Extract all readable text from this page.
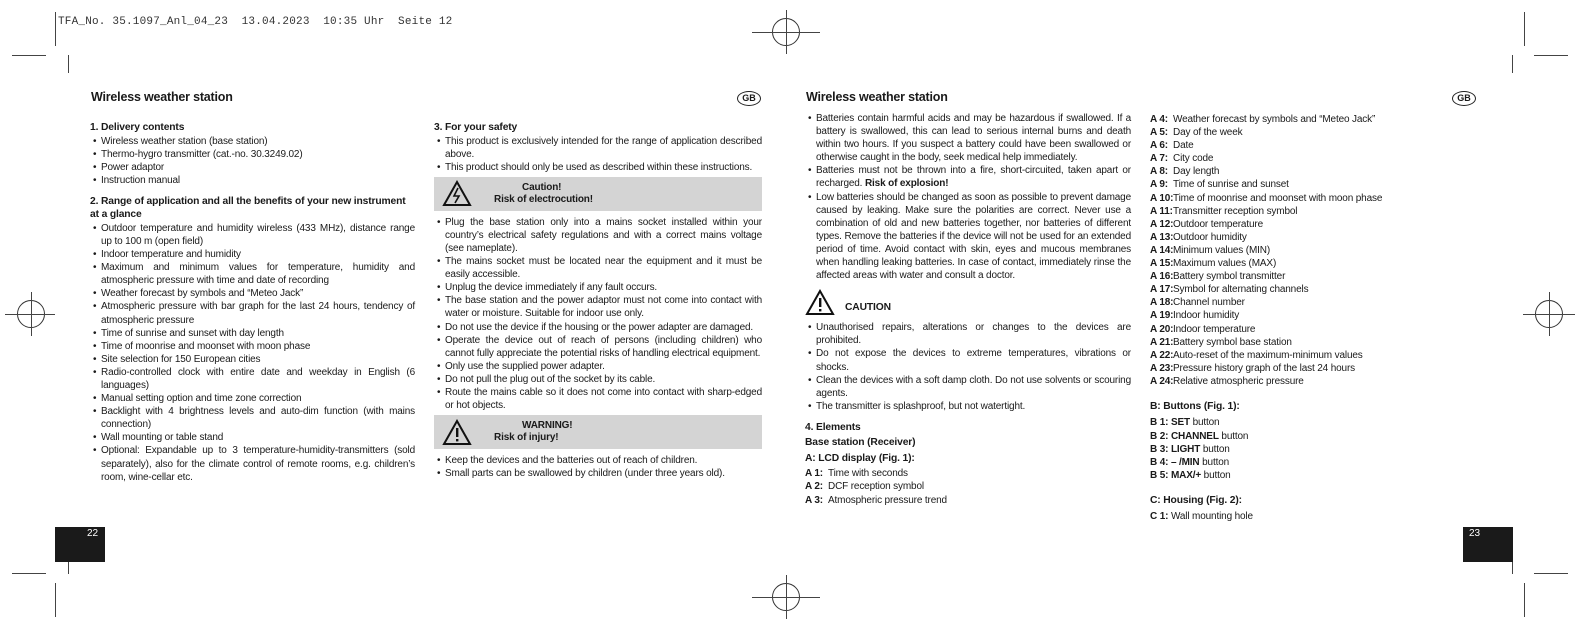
TFA_No. 35.1097_Anl_04_23  13.04.2023  10:35 Uhr  Seite 12
Wireless weather station	GB
1. Delivery contents
• Wireless weather station (base station)
• Thermo-hygro transmitter (cat.-no. 30.3249.02)
• Power adaptor
• Instruction manual
2. Range of application and all the benefits of your new instrument at a glance
• Outdoor temperature and humidity wireless (433 MHz), distance range up to 100 m (open field)
• Indoor temperature and humidity
• Maximum and minimum values for temperature, humidity and atmospheric pressure with time and date of recording
• Weather forecast by symbols and “Meteo Jack”
• Atmospheric pressure with bar graph for the last 24 hours, tendency of atmospheric pressure
• Time of sunrise and sunset with day length
• Time of moonrise and moonset with moon phase
• Site selection for 150 European cities
• Radio-controlled clock with entire date and weekday in English (6 languages)
• Manual setting option and time zone correction
• Backlight with 4 brightness levels and auto-dim function (with mains connection)
• Wall mounting or table stand
• Optional: Expandable up to 3 temperature-humidity-transmitters (sold separately), also for the climate control of remote rooms, e.g. children’s room, wine-cellar etc.
3. For your safety
• This product is exclusively intended for the range of application described above.
• This product should only be used as described within these instructions.
Caution!
Risk of electrocution!
• Plug the base station only into a mains socket installed within your country’s electrical safety regulations and with a correct mains voltage (see nameplate).
• The mains socket must be located near the equipment and it must be easily accessible.
• Unplug the device immediately if any fault occurs.
• The base station and the power adaptor must not come into contact with water or moisture. Suitable for indoor use only.
• Do not use the device if the housing or the power adapter are damaged.
• Operate the device out of reach of persons (including children) who cannot fully appreciate the potential risks of handling electrical equipment.
• Only use the supplied power adapter.
• Do not pull the plug out of the socket by its cable.
• Route the mains cable so it does not come into contact with sharp-edged or hot objects.
WARNING!
Risk of injury!
• Keep the devices and the batteries out of reach of children.
• Small parts can be swallowed by children (under three years old).
22
Wireless weather station	GB
• Batteries contain harmful acids and may be hazardous if swallowed. If a battery is swallowed, this can lead to serious internal burns and death within two hours. If you suspect a battery could have been swallowed or otherwise caught in the body, seek medical help immediately.
• Batteries must not be thrown into a fire, short-circuited, taken apart or recharged. Risk of explosion!
• Low batteries should be changed as soon as possible to prevent damage caused by leaking. Make sure the polarities are correct. Never use a combination of old and new batteries together, nor batteries of different types. Remove the batteries if the device will not be used for an extended period of time. Avoid contact with skin, eyes and mucous membranes when handling leaking batteries. In case of contact, immediately rinse the affected areas with water and consult a doctor.
CAUTION
• Unauthorised repairs, alterations or changes to the devices are prohibited.
• Do not expose the devices to extreme temperatures, vibrations or shocks.
• Clean the devices with a soft damp cloth. Do not use solvents or scouring agents.
• The transmitter is splashproof, but not watertight.
4. Elements
Base station (Receiver)
A: LCD display (Fig. 1):
A 1: Time with seconds
A 2: DCF reception symbol
A 3: Atmospheric pressure trend
A 4: Weather forecast by symbols and “Meteo Jack”
A 5: Day of the week
A 6: Date
A 7: City code
A 8: Day length
A 9: Time of sunrise and sunset
A 10: Time of moonrise and moonset with moon phase
A 11: Transmitter reception symbol
A 12: Outdoor temperature
A 13: Outdoor humidity
A 14: Minimum values (MIN)
A 15: Maximum values (MAX)
A 16: Battery symbol transmitter
A 17: Symbol for alternating channels
A 18: Channel number
A 19: Indoor humidity
A 20: Indoor temperature
A 21: Battery symbol base station
A 22: Auto-reset of the maximum-minimum values
A 23: Pressure history graph of the last 24 hours
A 24: Relative atmospheric pressure
B: Buttons (Fig. 1):
B 1: SET button
B 2: CHANNEL button
B 3: LIGHT button
B 4: – /MIN button
B 5: MAX/+ button
C: Housing (Fig. 2):
C 1: Wall mounting hole
23
